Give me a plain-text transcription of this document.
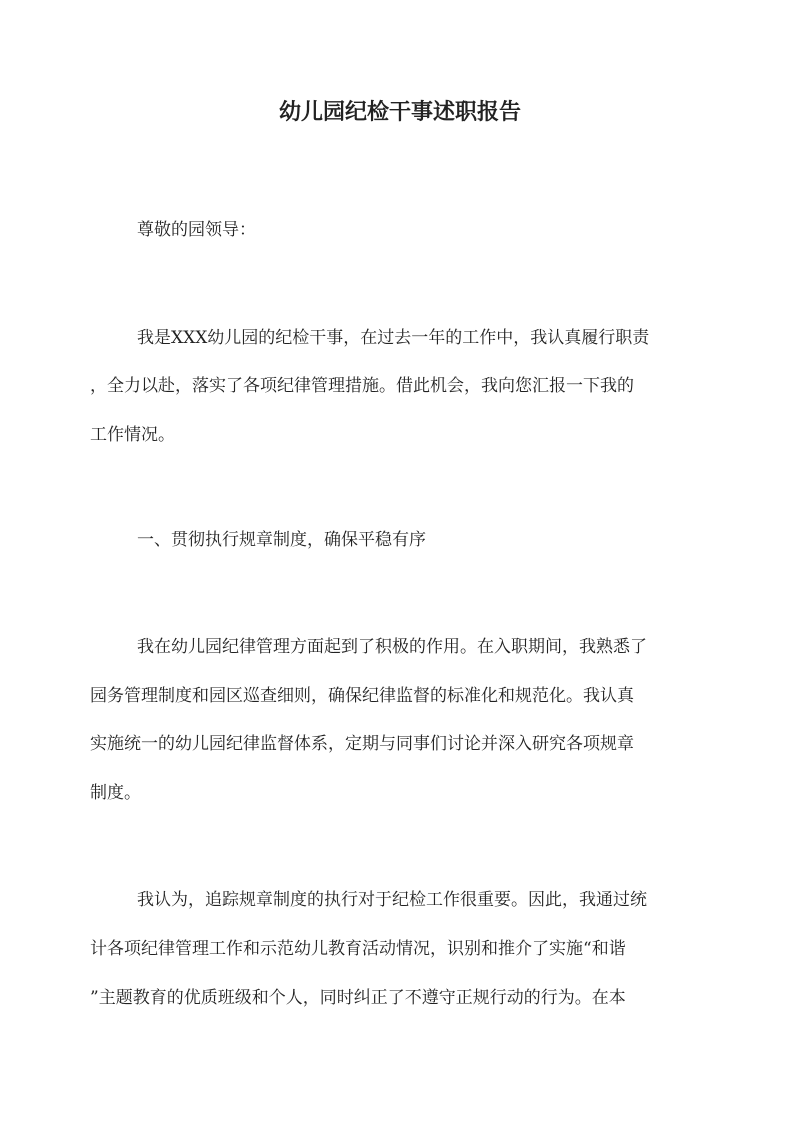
幼儿园纪检干事述职报告
尊敬的园领导：
我是XXX幼儿园的纪检干事，在过去一年的工作中，我认真履行职责
，全力以赴，落实了各项纪律管理措施。借此机会，我向您汇报一下我的
工作情况。
一、贯彻执行规章制度，确保平稳有序
我在幼儿园纪律管理方面起到了积极的作用。在入职期间，我熟悉了
园务管理制度和园区巡查细则，确保纪律监督的标准化和规范化。我认真
实施统一的幼儿园纪律监督体系，定期与同事们讨论并深入研究各项规章
制度。
我认为，追踪规章制度的执行对于纪检工作很重要。因此，我通过统
计各项纪律管理工作和示范幼儿教育活动情况，识别和推介了实施“和谐
”主题教育的优质班级和个人，同时纠正了不遵守正规行动的行为。在本
